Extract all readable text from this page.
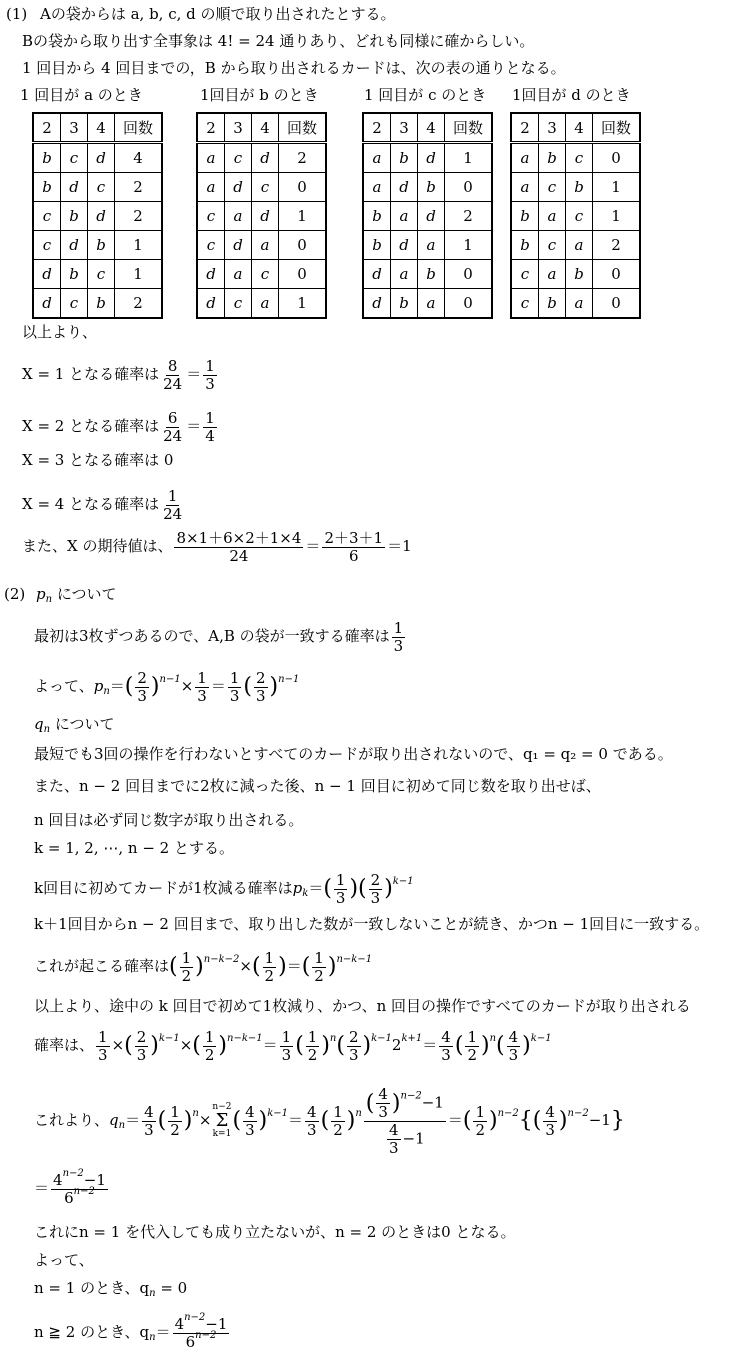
(1) Aの袋からは a, b, c, d の順で取り出されたとする。
Bの袋から取り出す全事象は 4! = 24 通りあり、どれも同様に確からしい。
1 回目から 4 回目までの，B から取り出されるカードは、次の表の通りとなる。
1 回目が a のとき	1回目が b のとき	1 回目が c のとき 1回目が d のとき
2	3	4	回数
b	c	d	4
b	d	c	2
c	b	d	2
c	d	b	1
d	b	c	1
d	c	b	2
2	3	4	回数
a	c	d	2
a	d	c	0
c	a	d	1
c	d	a	0
d	a	c	0
d	c	a	1
2	3	4	回数
a	b	d	1
a	d	b	0
b	a	d	2
b	d	a	1
d	a	b	0
d	b	a	0
2	3	4	回数
a	b	c	0
a	c	b	1
b	a	c	1
b	c	a	2
c	a	b	0
c	b	a	0
以上より、
X = 1 となる確率は $\frac{8}{24} = \frac{1}{3}$
X = 2 となる確率は $\frac{6}{24} = \frac{1}{4}$
X = 3 となる確率は 0
X = 4 となる確率は $\frac{1}{24}$
また、X の期待値は、 $\frac{8\times 1+6\times 2+1\times 4}{24} = \frac{2+3+1}{6} =1$
(2) $p_n$ について
最初は3枚ずつあるので、A,B の袋が一致する確率は $\frac{1}{3}$
よって、$p_n=( \frac{2}{3} )^{n-1}\times \frac{1}{3} = \frac{1}{3}$ ( $\frac{2}{3} )^{n-1}$
$q_n$ について
最短でも3回の操作を行わないとすべてのカードが取り出されないので、q₁ = q₂ = 0 である。
また、n − 2 回目までに2枚に減った後、n − 1 回目に初めて同じ数を取り出せば、
n 回目は必ず同じ数字が取り出される。
k = 1, 2, ⋯, n − 2 とする。
k回目に初めてカードが1枚減る確率は$p_k=( \frac{1}{3}$ )( $\frac{2}{3} )^{k-1}$
k＋1回目からn − 2 回目まで、取り出した数が一致しないことが続き、かつn − 1回目に一致する。
これが起こる確率は( $\frac{1}{2} )^{n-k-2}\times( \frac{1}{2}$ )＝( $\frac{1}{2} )^{n-k-1}$
以上より、途中の k 回目で初めて1枚減り、かつ、n 回目の操作ですべてのカードが取り出される
確率は、 $\frac{1}{3}$ ×( $\frac{2}{3} )^{k-1}\times( \frac{1}{2} )^{n-k-1}= \frac{1}{3}$ ( $\frac{1}{2} )^n( \frac{2}{3} )^{k-1}2^{k+1}= \frac{4}{3}$ ( $\frac{1}{2} )^n( \frac{4}{3} )^{k-1}$
これより、$q_n= \frac{4}{3}$ ( $\frac{1}{2} )^n\times$
n−2
Σ
k=1
( $\frac{4}{3} )^{k-1}= \frac{4}{3}$ ( $\frac{1}{2} )^n \frac{( \frac{4}{3} )^{n-2}-1}{\frac{4}{3} -1}$ ＝( $\frac{1}{2} )^{n-2}\{( \frac{4}{3} )^{n-2}-1\}$
＝ $\frac{4^{n-2}-1}{6^{n-2}}$
これにn = 1 を代入しても成り立たないが、n = 2 のときは0 となる。
よって、
n = 1 のとき、$q_n = 0$
n ≧ 2 のとき、$q_n= \frac{4^{n-2}-1}{6^{n-2}}$
